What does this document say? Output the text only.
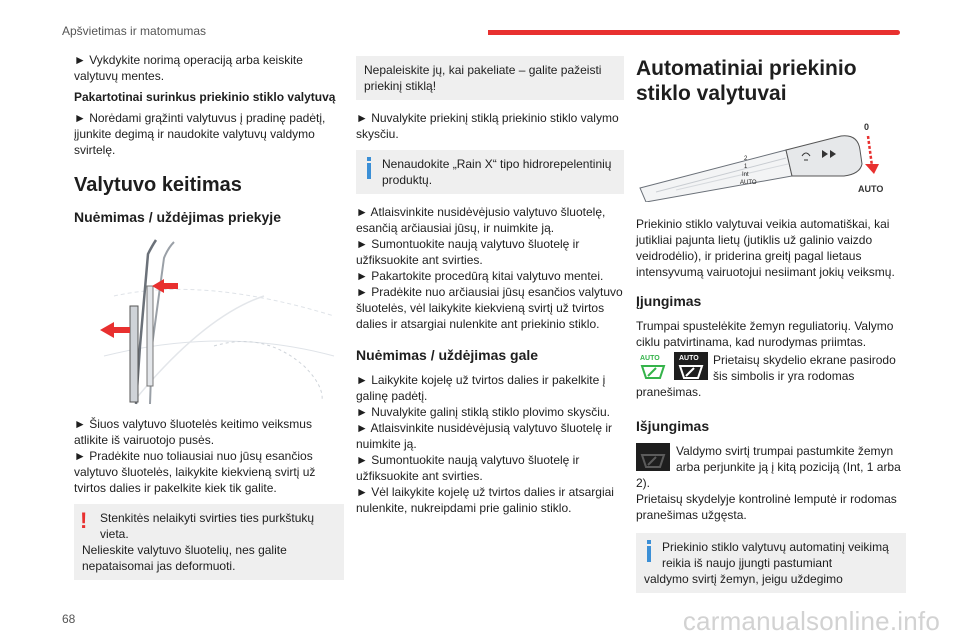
Apšvietimas ir matomumas

► Vykdykite norimą operaciją arba keiskite valytuvų mentes.

Pakartotinai surinkus priekinio stiklo valytuvą

► Norėdami grąžinti valytuvus į pradinę padėtį, įjunkite degimą ir naudokite valytuvų valdymo svirtelę.

Valytuvo keitimas
Nuėmimas / uždėjimas priekyje

► Šiuos valytuvo šluotelės keitimo veiksmus atlikite iš vairuotojo pusės.

► Pradėkite nuo toliausiai nuo jūsų esančios valytuvo šluotelės, laikykite kiekvieną svirtį už tvirtos dalies ir pakelkite kiek tik galite.

!	Stenkitės nelaikyti svirties ties purkštukų vieta.
Nelieskite valytuvo šluotelių, nes galite nepataisomai jas deformuoti.
Nepaleiskite jų, kai pakeliate – galite pažeisti priekinį stiklą!

► Nuvalykite priekinį stiklą priekinio stiklo valymo skysčiu.

Nenaudokite „Rain X“ tipo hidrorepelentinių produktų.

► Atlaisvinkite nusidėvėjusio valytuvo šluotelę, esančią arčiausiai jūsų, ir nuimkite ją.

► Sumontuokite naują valytuvo šluotelę ir užfiksuokite ant svirties.

► Pakartokite procedūrą kitai valytuvo mentei.

► Pradėkite nuo arčiausiai jūsų esančios valytuvo šluotelės, vėl laikykite kiekvieną svirtį už tvirtos dalies ir atsargiai nulenkite ant priekinio stiklo.

Nuėmimas / uždėjimas gale

► Laikykite kojelę už tvirtos dalies ir pakelkite į galinę padėtį.

► Nuvalykite galinį stiklą stiklo plovimo skysčiu.

► Atlaisvinkite nusidėvėjusią valytuvo šluotelę ir nuimkite ją.

► Sumontuokite naują valytuvo šluotelę ir užfiksuokite ant svirties.

► Vėl laikykite kojelę už tvirtos dalies ir atsargiai nulenkite, nukreipdami prie galinio stiklo.

Automatiniai priekinio stiklo valytuvai
2
1
Int
AUTO
0
AUTO

Priekinio stiklo valytuvai veikia automatiškai, kai jutikliai pajunta lietų (jutiklis už galinio vaizdo veidrodėlio), ir priderina greitį pagal lietaus intensyvumą vairuotojui nesiimant jokių veiksmų.

Įjungimas

Trumpai spustelėkite žemyn reguliatorių. Valymo ciklu patvirtinama, kad nurodymas priimtas.

AUTO	AUTO	Prietaisų skydelio ekrane pasirodo šis simbolis ir yra rodomas pranešimas.

Išjungimas

Valdymo svirtį trumpai pastumkite žemyn arba perjunkite ją į kitą poziciją (Int, 1 arba 2).

Prietaisų skydelyje kontrolinė lemputė ir rodomas pranešimas užgęsta.

Priekinio stiklo valytuvų automatinį veikimą reikia iš naujo įjungti pastumiant
valdymo svirtį žemyn, jeigu uždegimo
68	carmanualsonline.info
